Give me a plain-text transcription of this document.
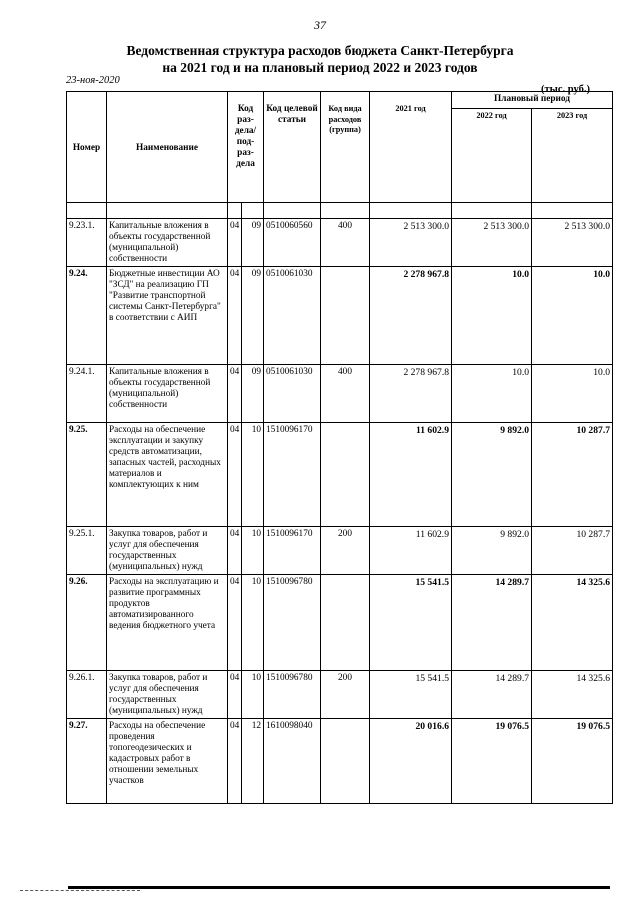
37
Ведомственная структура расходов бюджета Санкт-Петербурга
на 2021 год и на плановый период 2022 и 2023 годов
23-ноя-2020
(тыс. руб.)
Номер	Наименование	Код раз- дела/ под- раз- дела		Код целевой статьи	Код вида расходов (группа)	2021 год	Плановый период	
							2022 год	2023 год

9.23.1.	Капитальные вложения в объекты государственной (муниципальной) собственности	04	09	0510060560	400	2 513 300.0	2 513 300.0	2 513 300.0
9.24.	Бюджетные инвестиции АО "ЗСД" на реализацию ГП "Развитие транспортной системы Санкт-Петербурга" в соответствии с АИП	04	09	0510061030		2 278 967.8	10.0	10.0
9.24.1.	Капитальные вложения в объекты государственной (муниципальной) собственности	04	09	0510061030	400	2 278 967.8	10.0	10.0
9.25.	Расходы на обеспечение эксплуатации и закупку средств автоматизации, запасных частей, расходных материалов и комплектующих к ним	04	10	1510096170		11 602.9	9 892.0	10 287.7
9.25.1.	Закупка товаров, работ и услуг для обеспечения государственных (муниципальных) нужд	04	10	1510096170	200	11 602.9	9 892.0	10 287.7
9.26.	Расходы на эксплуатацию и развитие программных продуктов автоматизированного ведения бюджетного учета	04	10	1510096780		15 541.5	14 289.7	14 325.6
9.26.1.	Закупка товаров, работ и услуг для обеспечения государственных (муниципальных) нужд	04	10	1510096780	200	15 541.5	14 289.7	14 325.6
9.27.	Расходы на обеспечение проведения топогеодезических и кадастровых работ в отношении земельных участков	04	12	1610098040		20 016.6	19 076.5	19 076.5
